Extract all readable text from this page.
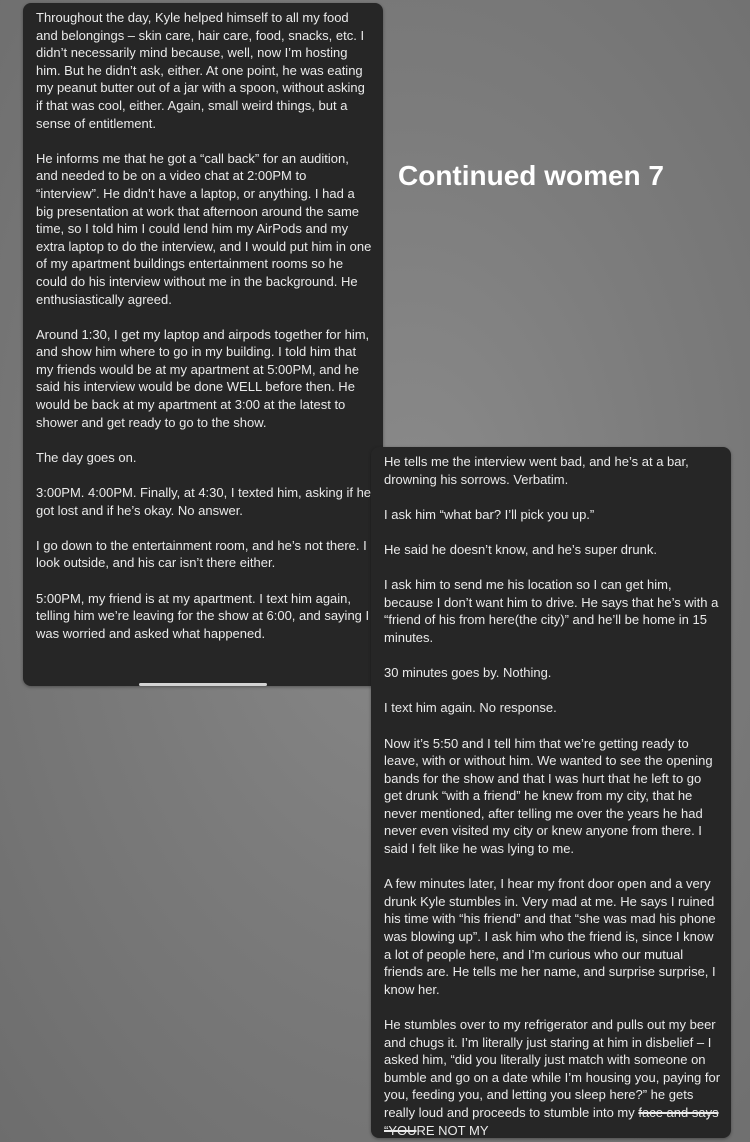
Throughout the day, Kyle helped himself to all my food and belongings – skin care, hair care, food, snacks, etc. I didn’t necessarily mind because, well, now I’m hosting him. But he didn’t ask, either. At one point, he was eating my peanut butter out of a jar with a spoon, without asking if that was cool, either. Again, small weird things, but a sense of entitlement.

He informs me that he got a “call back” for an audition, and needed to be on a video chat at 2:00PM to “interview”. He didn’t have a laptop, or anything. I had a big presentation at work that afternoon around the same time, so I told him I could lend him my AirPods and my extra laptop to do the interview, and I would put him in one of my apartment buildings entertainment rooms so he could do his interview without me in the background. He enthusiastically agreed.

Around 1:30, I get my laptop and airpods together for him, and show him where to go in my building. I told him that my friends would be at my apartment at 5:00PM, and he said his interview would be done WELL before then. He would be back at my apartment at 3:00 at the latest to shower and get ready to go to the show.

The day goes on.

3:00PM. 4:00PM. Finally, at 4:30, I texted him, asking if he got lost and if he’s okay. No answer.

I go down to the entertainment room, and he’s not there. I look outside, and his car isn’t there either.

5:00PM, my friend is at my apartment. I text him again, telling him we’re leaving for the show at 6:00, and saying I was worried and asked what happened.

He tells me the interview went bad, and he’s at a bar, drowning his sorrows. Verbatim.

I ask him “what bar? I’ll pick you up.”

He said he doesn’t know, and he’s super drunk.

I ask him to send me his location so I can get him, because I don’t want him to drive. He says that he’s with a “friend of his from here(the city)” and he’ll be home in 15 minutes.

30 minutes goes by. Nothing.

I text him again. No response.

Now it’s 5:50 and I tell him that we’re getting ready to leave, with or without him. We wanted to see the opening bands for the show and that I was hurt that he left to go get drunk “with a friend” he knew from my city, that he never mentioned, after telling me over the years he had never even visited my city or knew anyone from there. I said I felt like he was lying to me.

A few minutes later, I hear my front door open and a very drunk Kyle stumbles in. Very mad at me. He says I ruined his time with “his friend” and that “she was mad his phone was blowing up”. I ask him who the friend is, since I know a lot of people here, and I’m curious who our mutual friends are. He tells me her name, and surprise surprise, I know her.

He stumbles over to my refrigerator and pulls out my beer and chugs it. I’m literally just staring at him in disbelief – I asked him, “did you literally just match with someone on bumble and go on a date while I’m housing you, paying for you, feeding you, and letting you sleep here?” he gets really loud and proceeds to stumble into my face and says “YOURE NOT MY

Continued women 7
